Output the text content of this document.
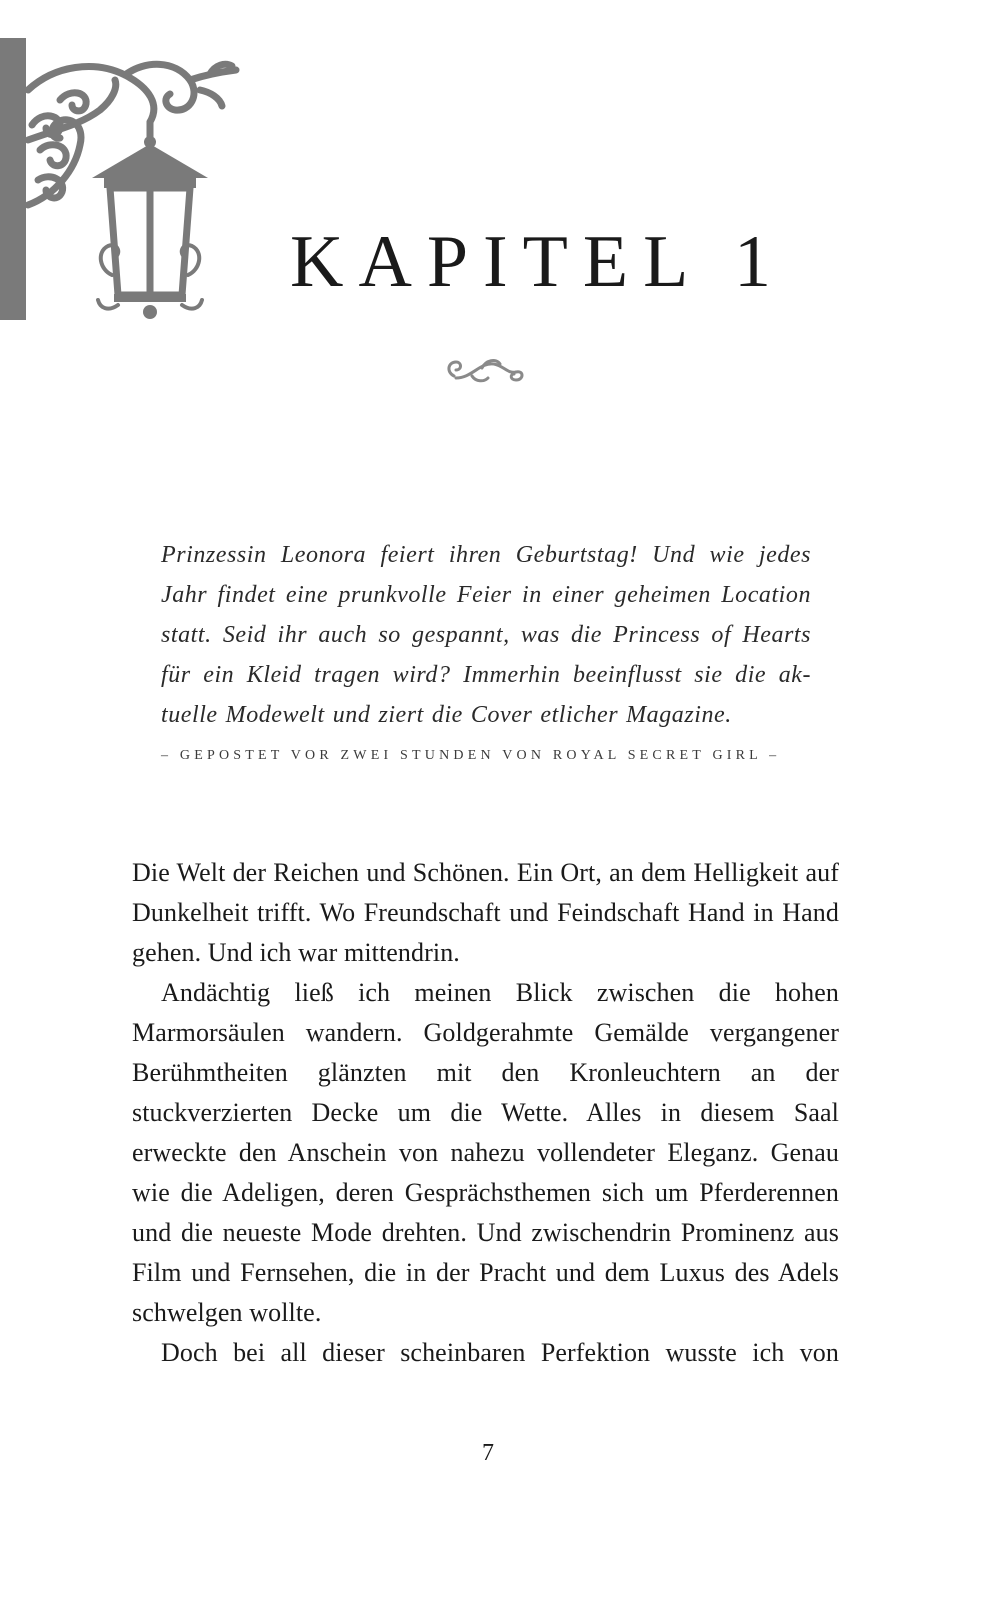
KAPITEL 1

Prinzessin Leonora feiert ihren Geburtstag! Und wie jedes

Jahr findet eine prunkvolle Feier in einer geheimen Location

statt. Seid ihr auch so gespannt, was die Princess of Hearts

für ein Kleid tragen wird? Immerhin beeinflusst sie die ak-

tuelle Modewelt und ziert die Cover etlicher Magazine.

– GEPOSTET VOR ZWEI STUNDEN VON ROYAL SECRET GIRL –

Die Welt der Reichen und Schönen. Ein Ort, an dem Helligkeit auf Dunkelheit trifft. Wo Freundschaft und Feindschaft Hand in Hand gehen. Und ich war mittendrin.

Andächtig ließ ich meinen Blick zwischen die hohen Marmorsäulen wandern. Goldgerahmte Gemälde vergangener Berühmtheiten glänzten mit den Kronleuchtern an der stuckverzierten Decke um die Wette. Alles in diesem Saal erweckte den Anschein von nahezu vollendeter Eleganz. Genau wie die Adeligen, deren Gesprächsthemen sich um Pferderennen und die neueste Mode drehten. Und zwischendrin Prominenz aus Film und Fernsehen, die in der Pracht und dem Luxus des Adels schwelgen wollte.

Doch bei all dieser scheinbaren Perfektion wusste ich von

7
